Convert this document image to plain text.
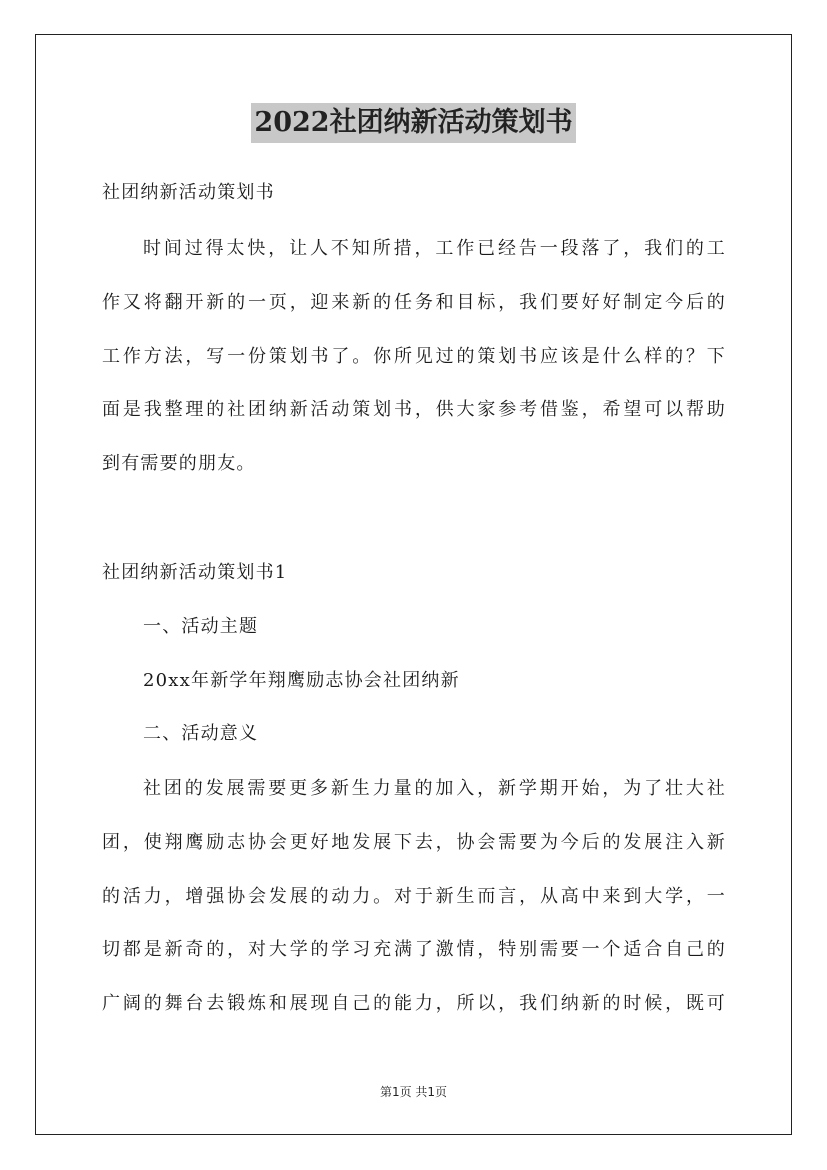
2022社团纳新活动策划书
社团纳新活动策划书
时间过得太快，让人不知所措，工作已经告一段落了，我们的工
作又将翻开新的一页，迎来新的任务和目标，我们要好好制定今后的
工作方法，写一份策划书了。你所见过的策划书应该是什么样的？下
面是我整理的社团纳新活动策划书，供大家参考借鉴，希望可以帮助
到有需要的朋友。
社团纳新活动策划书1
一、活动主题
20xx年新学年翔鹰励志协会社团纳新
二、活动意义
社团的发展需要更多新生力量的加入，新学期开始，为了壮大社
团，使翔鹰励志协会更好地发展下去，协会需要为今后的发展注入新
的活力，增强协会发展的动力。对于新生而言，从高中来到大学，一
切都是新奇的，对大学的学习充满了激情，特别需要一个适合自己的
广阔的舞台去锻炼和展现自己的能力，所以，我们纳新的时候，既可
第1页 共1页
